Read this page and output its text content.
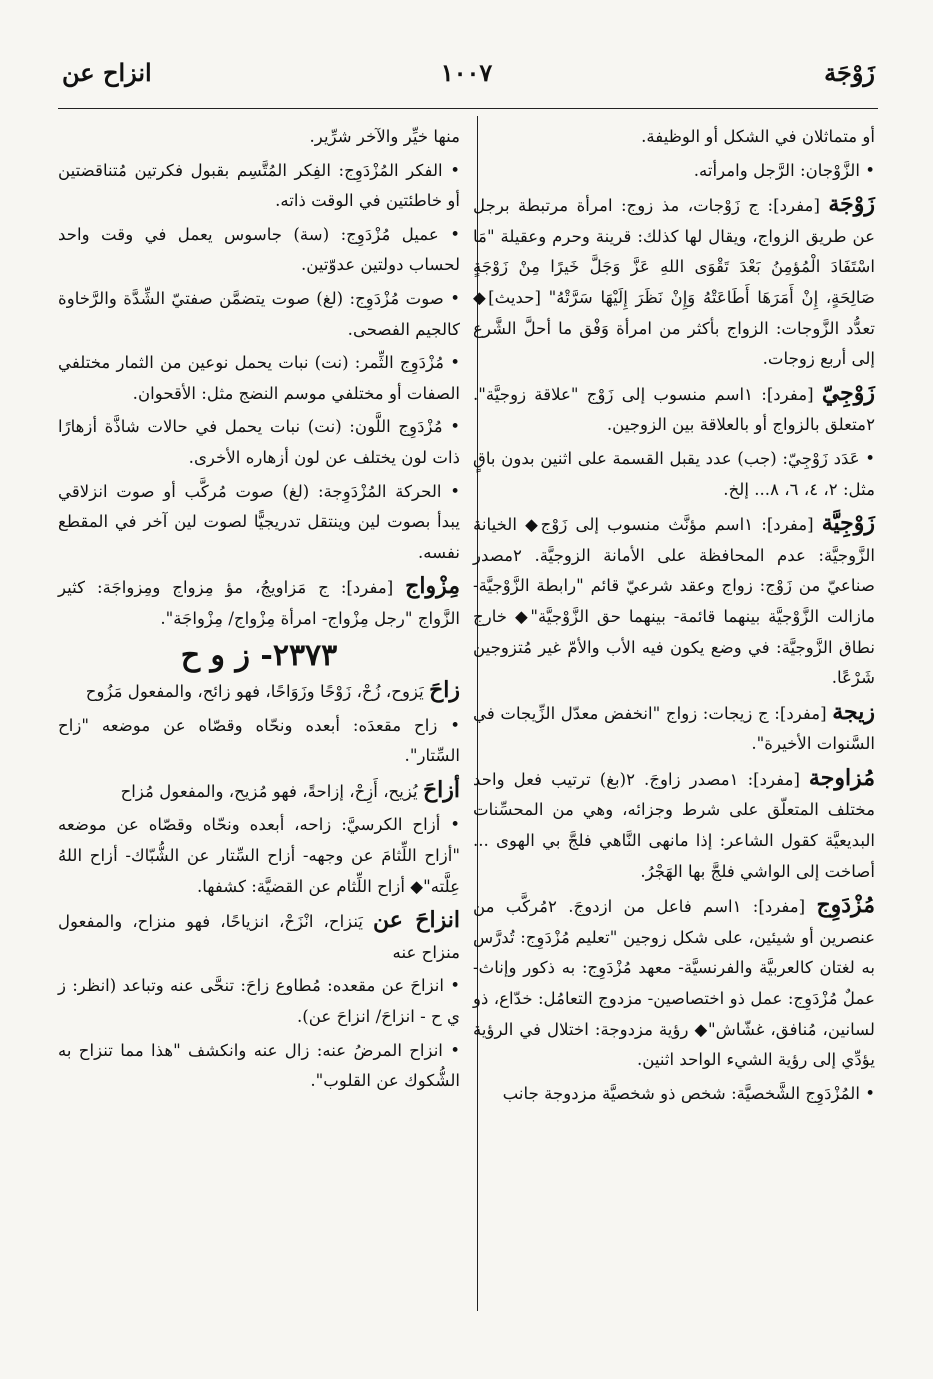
زَوْجَة
١٠٠٧
انزاح عن

أو متماثلان في الشكل أو الوظيفة.

• الزَّوْجان: الرَّجل وامرأته.

زَوْجَة [مفرد]: ج زَوْجات، مذ زوج: امرأة مرتبطة برجل عن طريق الزواج، ويقال لها كذلك: قرينة وحرم وعقيلة "مَا اسْتَفَادَ الْمُؤمِنُ بَعْدَ تَقْوَى اللهِ عَزَّ وَجَلَّ خَيرًا مِنْ زَوْجَةٍ صَالِحَةٍ، إِنْ أَمَرَهَا أَطَاعَتْهُ وَإِنْ نَظَرَ إِلَيْهَا سَرَّتْهُ" [حديث]◆ تعدُّد الزَّوجات: الزواج بأكثر من امرأة وَفْق ما أحلَّ الشَّرع إلى أربع زوجات.

زَوْجِيّ [مفرد]: ١اسم منسوب إلى زَوْج "علاقة زوجيَّة". ٢متعلق بالزواج أو بالعلاقة بين الزوجين.

• عَدَد زَوْجِيّ: (جب) عدد يقبل القسمة على اثنين بدون باقٍ مثل: ٢، ٤، ٦، ٨... إلخ.

زَوْجِيَّة [مفرد]: ١اسم مؤنَّث منسوب إلى زَوْج◆ الخيانة الزَّوجيَّة: عدم المحافظة على الأمانة الزوجيَّة. ٢مصدر صناعيّ من زَوْج: زواج وعقد شرعيّ قائم "رابطة الزَّوْجيَّة- مازالت الزَّوْجيَّة بينهما قائمة- بينهما حق الزَّوْجيَّة"◆ خارج نطاق الزَّوجيَّة: في وضع يكون فيه الأب والأمّ غير مُتزوجين شَرْعًا.

زيجة [مفرد]: ج زيجات: زواج "انخفض معدّل الزِّيجات في السَّنوات الأخيرة".

مُزاوجة [مفرد]: ١مصدر زاوجَ. ٢(بغ) ترتيب فعل واحد مختلف المتعلّق على شرط وجزائه، وهي من المحسِّنات البديعيَّة كقول الشاعر: إذا مانهى النَّاهي فلجَّ بي الهوى ... أصاخت إلى الواشي فلجَّ بها الهَجْرُ.

مُزْدَوِج [مفرد]: ١اسم فاعل من ازدوجَ. ٢مُركَّب من عنصرين أو شيئين، على شكل زوجين "تعليم مُزْدَوِج: تُدرَّس به لغتان كالعربيَّة والفرنسيَّة- معهد مُزْدَوِج: به ذكور وإناث- عملٌ مُزْدَوِج: عمل ذو اختصاصين- مزدوج التعامُل: خدّاع، ذو لسانين، مُنافق، غشّاش"◆ رؤية مزدوجة: اختلال في الرؤية يؤدِّي إلى رؤية الشيء الواحد اثنين.

• المُزْدَوِج الشَّخصيَّة: شخص ذو شخصيَّة مزدوجة جانب

منها خيِّر والآخر شرِّير.

• الفكر المُزْدَوِج: الفِكر المُتَّسِم بقبول فكرتين مُتناقضتين أو خاطئتين في الوقت ذاته.

• عميل مُزْدَوِج: (سة) جاسوس يعمل في وقت واحد لحساب دولتين عدوّتين.

• صوت مُزْدَوِج: (لغ) صوت يتضمَّن صفتيّ الشِّدَّة والرَّخاوة كالجيم الفصحى.

• مُزْدَوِج الثِّمر: (نت) نبات يحمل نوعين من الثمار مختلفي الصفات أو مختلفي موسم النضج مثل: الأقحوان.

• مُزْدَوِج اللَّون: (نت) نبات يحمل في حالات شاذَّة أزهارًا ذات لون يختلف عن لون أزهاره الأخرى.

• الحركة المُزْدَوِجة: (لغ) صوت مُركَّب أو صوت انزلاقي يبدأ بصوت لين وينتقل تدريجيًّا لصوت لين آخر في المقطع نفسه.

مِزْواج [مفرد]: ج مَزاويجُ، مؤ مِزواج ومِزواجَة: كثير الزَّواج "رجل مِزْواج- امرأة مِزْواج/ مِزْواجَة".

٢٣٧٣- ز و ح

زاحَ يَزوح، زُحْ، زَوْحًا وزَوَاحًا، فهو زائح، والمفعول مَزُوح

• زاح مقعدَه: أبعده ونحّاه وقصّاه عن موضعه "زاح السِّتار".

أزاحَ يُزيح، أَزِحْ، إزاحةً، فهو مُزيح، والمفعول مُزاح

• أزاح الكرسيَّ: زاحه، أبعده ونحّاه وقصّاه عن موضعه "أزاح اللِّثامَ عن وجهه- أزاح السِّتار عن الشُّبّاك- أزاح اللهُ عِلَّته"◆ أزاح اللِّثام عن القضيَّة: كشفها.

انزاحَ عن يَنزاح، انْزَحْ، انزياحًا، فهو منزاح، والمفعول منزاح عنه

• انزاحَ عن مقعده: مُطاوع زاحَ: تنحَّى عنه وتباعد (انظر: ز ي ح - انزاحَ/ انزاحَ عن).

• انزاح المرضُ عنه: زال عنه وانكشف "هذا مما تنزاح به الشُّكوك عن القلوب".
